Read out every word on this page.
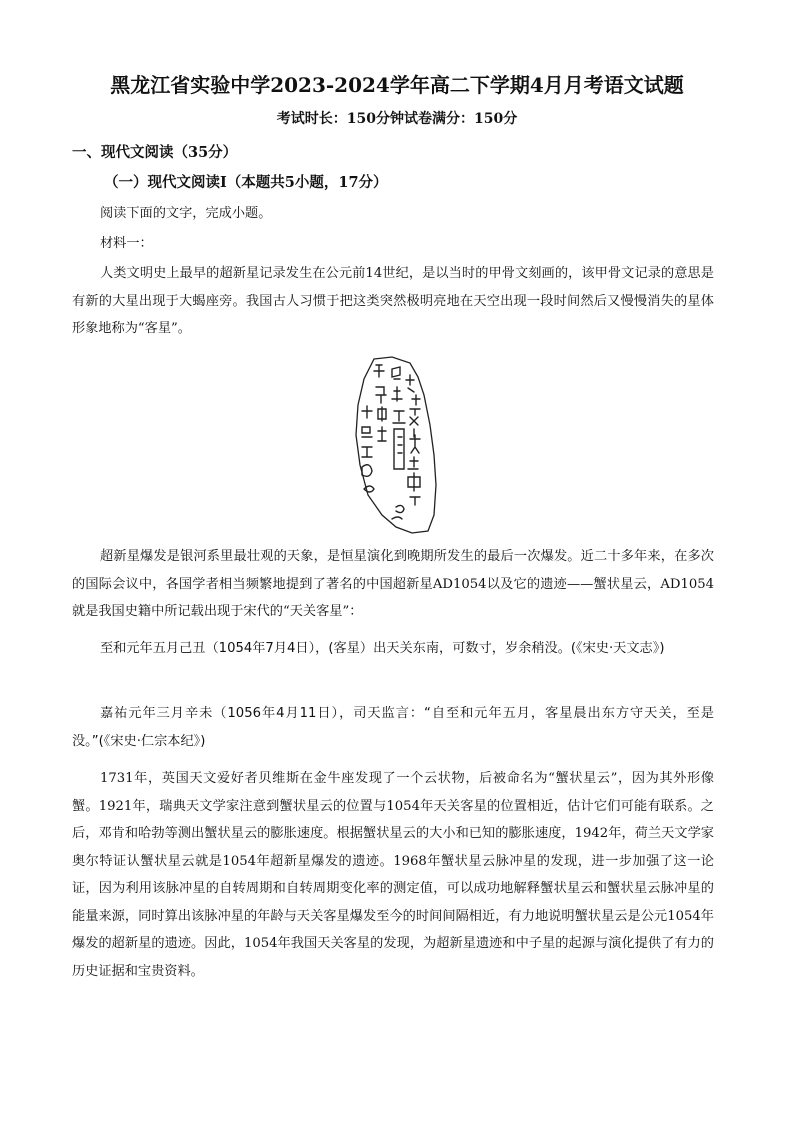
黑龙江省实验中学2023-2024学年高二下学期4月月考语文试题
考试时长：150分钟试卷满分：150分
一、现代文阅读（35分）
（一）现代文阅读Ⅰ（本题共5小题，17分）
阅读下面的文字，完成小题。
材料一：
人类文明史上最早的超新星记录发生在公元前14世纪，是以当时的甲骨文刻画的，该甲骨文记录的意思是有新的大星出现于大蝎座旁。我国古人习惯于把这类突然极明亮地在天空出现一段时间然后又慢慢消失的星体形象地称为“客星”。
超新星爆发是银河系里最壮观的天象，是恒星演化到晚期所发生的最后一次爆发。近二十多年来，在多次的国际会议中，各国学者相当频繁地提到了著名的中国超新星AD1054以及它的遗迹——蟹状星云，AD1054就是我国史籍中所记载出现于宋代的“天关客星”：
至和元年五月己丑（1054年7月4日），(客星）出天关东南，可数寸，岁余稍没。(《宋史·天文志》)
嘉祐元年三月辛未（1056年4月11日），司天监言：“自至和元年五月，客星晨出东方守天关，至是没。”(《宋史·仁宗本纪》)
1731年，英国天文爱好者贝维斯在金牛座发现了一个云状物，后被命名为“蟹状星云”，因为其外形像蟹。1921年，瑞典天文学家注意到蟹状星云的位置与1054年天关客星的位置相近，估计它们可能有联系。之后，邓肯和哈勃等测出蟹状星云的膨胀速度。根据蟹状星云的大小和已知的膨胀速度，1942年，荷兰天文学家奥尔特证认蟹状星云就是1054年超新星爆发的遗迹。1968年蟹状星云脉冲星的发现，进一步加强了这一论证，因为利用该脉冲星的自转周期和自转周期变化率的测定值，可以成功地解释蟹状星云和蟹状星云脉冲星的能量来源，同时算出该脉冲星的年龄与天关客星爆发至今的时间间隔相近，有力地说明蟹状星云是公元1054年爆发的超新星的遗迹。因此，1054年我国天关客星的发现，为超新星遗迹和中子星的起源与演化提供了有力的历史证据和宝贵资料。
